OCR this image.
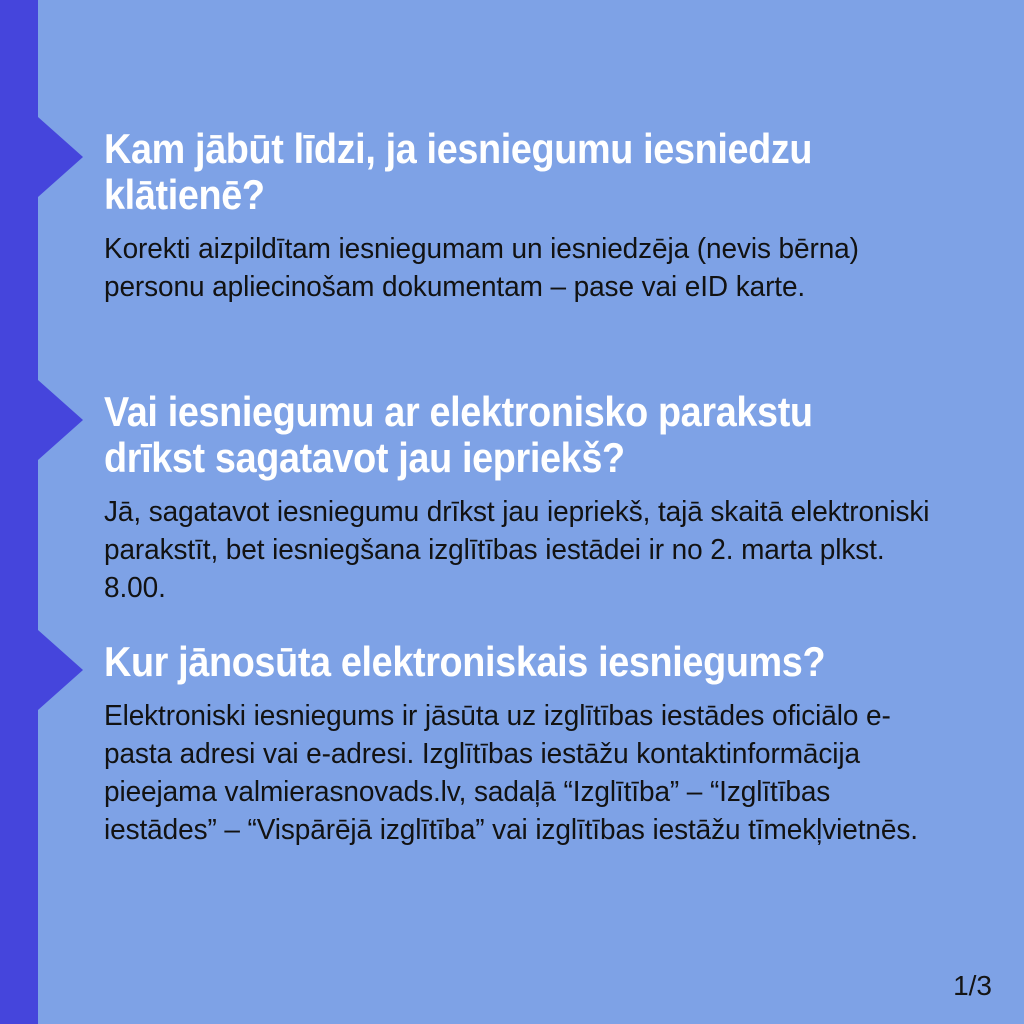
Kam jābūt līdzi, ja iesniegumu iesniedzu klātienē?

Korekti aizpildītam iesniegumam un iesniedzēja (nevis bērna) personu apliecinošam dokumentam – pase vai eID karte.

Vai iesniegumu ar elektronisko parakstu drīkst sagatavot jau iepriekš?

Jā, sagatavot iesniegumu drīkst jau iepriekš, tajā skaitā elektroniski parakstīt, bet iesniegšana izglītības iestādei ir no 2. marta plkst. 8.00.

Kur jānosūta elektroniskais iesniegums?

Elektroniski iesniegums ir jāsūta uz izglītības iestādes oficiālo e-pasta adresi vai e-adresi. Izglītības iestāžu kontaktinformācija pieejama valmierasnovads.lv, sadaļā “Izglītība” – “Izglītības iestādes” – “Vispārējā izglītība” vai izglītības iestāžu tīmekļvietnēs.

1/3
